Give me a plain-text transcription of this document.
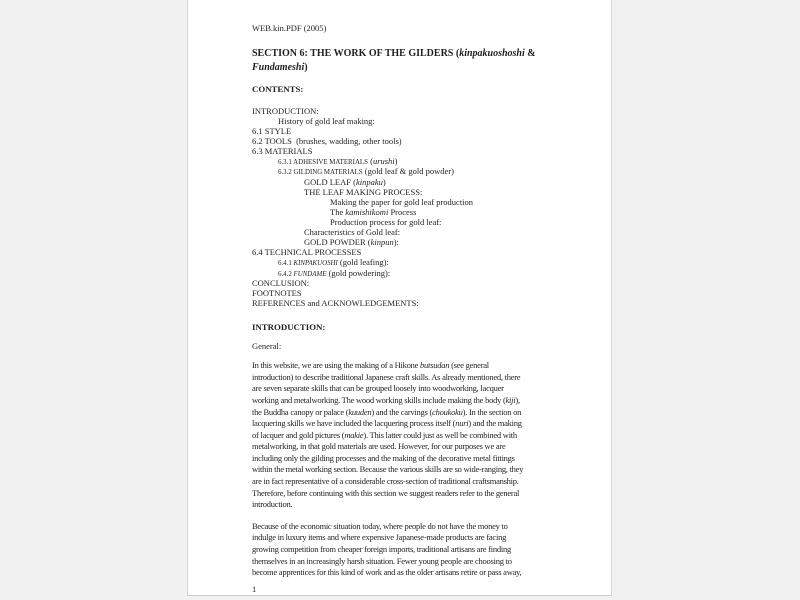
WEB.kin.PDF (2005)
SECTION 6: THE WORK OF THE GILDERS (kinpakuoshoshi &
Fundameshi)
CONTENTS:
INTRODUCTION:
History of gold leaf making:
6.1 STYLE
6.2 TOOLS  (brushes, wadding, other tools)
6.3 MATERIALS
6.3.1 ADHESIVE MATERIALS (urushi)
6.3.2 GILDING MATERIALS (gold leaf & gold powder)
GOLD LEAF (kinpaku)
THE LEAF MAKING PROCESS:
Making the paper for gold leaf production
The kamishikomi Process
Production process for gold leaf:
Characteristics of Gold leaf:
GOLD POWDER (kinpun):
6.4 TECHNICAL PROCESSES
6.4.1 KINPAKUOSHI (gold leafing):
6.4.2 FUNDAME (gold powdering):
CONCLUSION:
FOOTNOTES
REFERENCES and ACKNOWLEDGEMENTS:
INTRODUCTION:
General:
In this website, we are using the making of a Hikone butsudan (see general
introduction) to describe traditional Japanese craft skills. As already mentioned, there
are seven separate skills that can be grouped loosely into woodworking, lacquer
working and metalworking. The wood working skills include making the body (kiji),
the Buddha canopy or palace (kuuden) and the carvings (choukoku). In the section on
lacquering skills we have included the lacquering process itself (nuri) and the making
of lacquer and gold pictures (makie). This latter could just as well be combined with
metalworking, in that gold materials are used. However, for our purposes we are
including only the gilding processes and the making of the decorative metal fittings
within the metal working section. Because the various skills are so wide-ranging, they
are in fact representative of a considerable cross-section of traditional craftsmanship.
Therefore, before continuing with this section we suggest readers refer to the general
introduction.
Because of the economic situation today, where people do not have the money to
indulge in luxury items and where expensive Japanese-made products are facing
growing competition from cheaper foreign imports, traditional artisans are finding
themselves in an increasingly harsh situation. Fewer young people are choosing to
become apprentices for this kind of work and as the older artisans retire or pass away,
1
